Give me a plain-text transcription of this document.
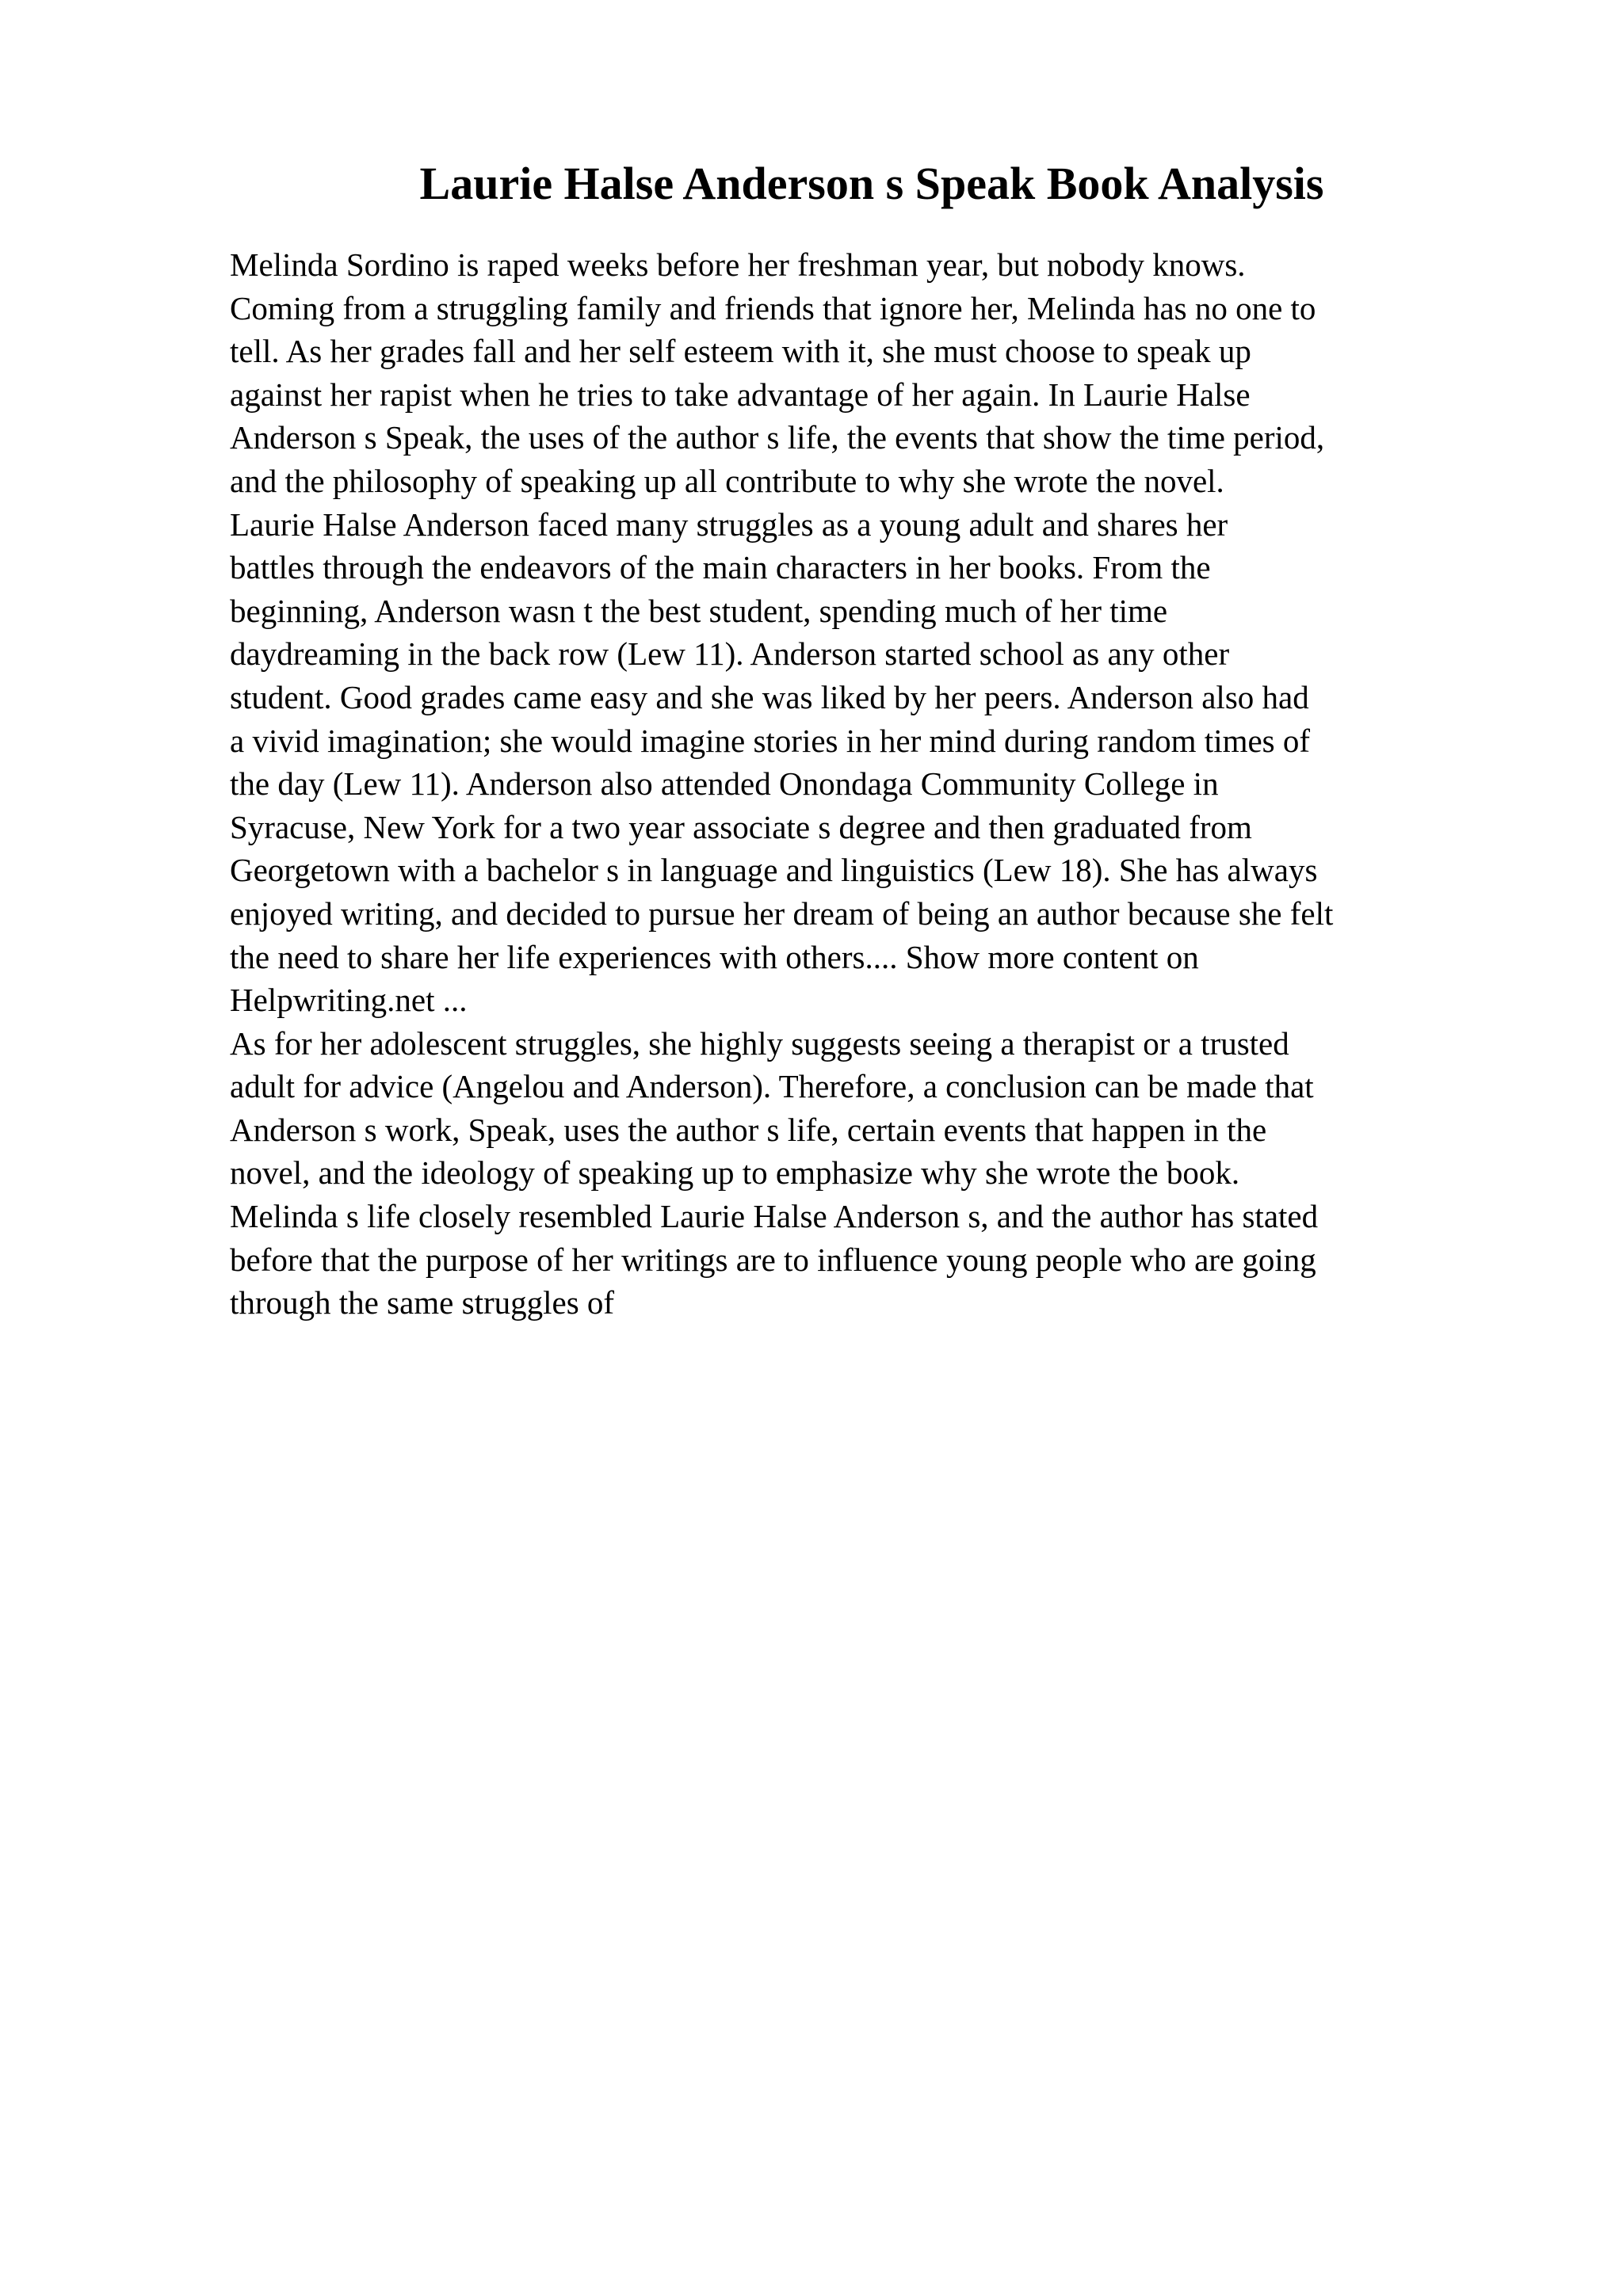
Laurie Halse Anderson s Speak Book Analysis
Melinda Sordino is raped weeks before her freshman year, but nobody knows.
Coming from a struggling family and friends that ignore her, Melinda has no one to
tell. As her grades fall and her self esteem with it, she must choose to speak up
against her rapist when he tries to take advantage of her again. In Laurie Halse
Anderson s Speak, the uses of the author s life, the events that show the time period,
and the philosophy of speaking up all contribute to why she wrote the novel.
Laurie Halse Anderson faced many struggles as a young adult and shares her
battles through the endeavors of the main characters in her books. From the
beginning, Anderson wasn t the best student, spending much of her time
daydreaming in the back row (Lew 11). Anderson started school as any other
student. Good grades came easy and she was liked by her peers. Anderson also had
a vivid imagination; she would imagine stories in her mind during random times of
the day (Lew 11). Anderson also attended Onondaga Community College in
Syracuse, New York for a two year associate s degree and then graduated from
Georgetown with a bachelor s in language and linguistics (Lew 18). She has always
enjoyed writing, and decided to pursue her dream of being an author because she felt
the need to share her life experiences with others.... Show more content on
Helpwriting.net ...
As for her adolescent struggles, she highly suggests seeing a therapist or a trusted
adult for advice (Angelou and Anderson). Therefore, a conclusion can be made that
Anderson s work, Speak, uses the author s life, certain events that happen in the
novel, and the ideology of speaking up to emphasize why she wrote the book.
Melinda s life closely resembled Laurie Halse Anderson s, and the author has stated
before that the purpose of her writings are to influence young people who are going
through the same struggles of
